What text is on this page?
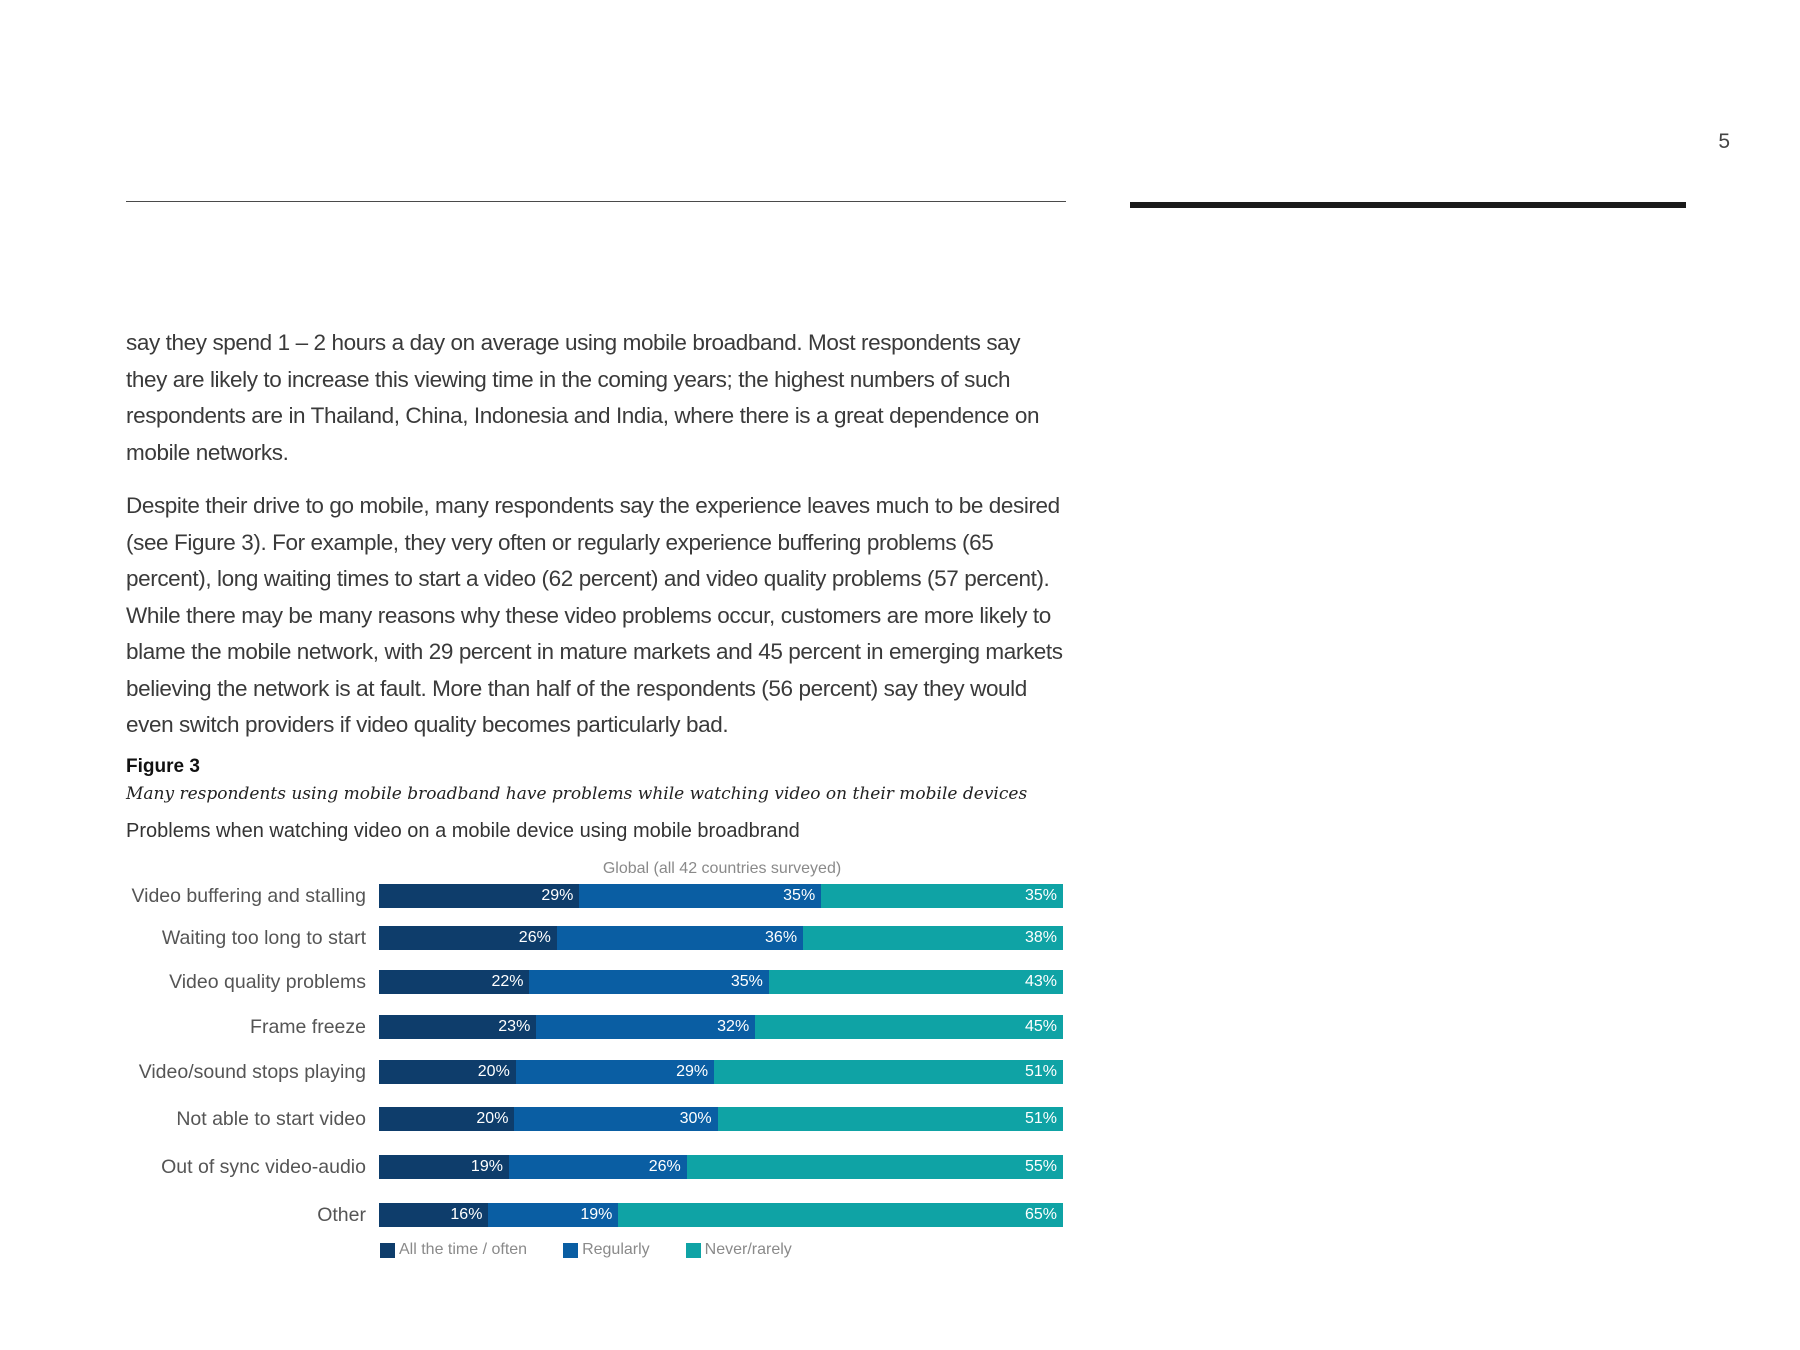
5

say they spend 1 – 2 hours a day on average using mobile broadband. Most respondents say they are likely to increase this viewing time in the coming years; the highest numbers of such respondents are in Thailand, China, Indonesia and India, where there is a great dependence on mobile networks.

Despite their drive to go mobile, many respondents say the experience leaves much to be desired (see Figure 3). For example, they very often or regularly experience buffering problems (65 percent), long waiting times to start a video (62 percent) and video quality problems (57 percent). While there may be many reasons why these video problems occur, customers are more likely to blame the mobile network, with 29 percent in mature markets and 45 percent in emerging markets believing the network is at fault. More than half of the respondents (56 percent) say they would even switch providers if video quality becomes particularly bad.

Figure 3
Many respondents using mobile broadband have problems while watching video on their mobile devices
Problems when watching video on a mobile device using mobile broadbrand
Global (all 42 countries surveyed)
Video buffering and stalling	29%	35%	35%
Waiting too long to start	26%	36%	38%
Video quality problems	22%	35%	43%
Frame freeze	23%	32%	45%
Video/sound stops playing	20%	29%	51%
Not able to start video	20%	30%	51%
Out of sync video-audio	19%	26%	55%
Other	16%	19%	65%
All the time / often	Regularly	Never/rarely
